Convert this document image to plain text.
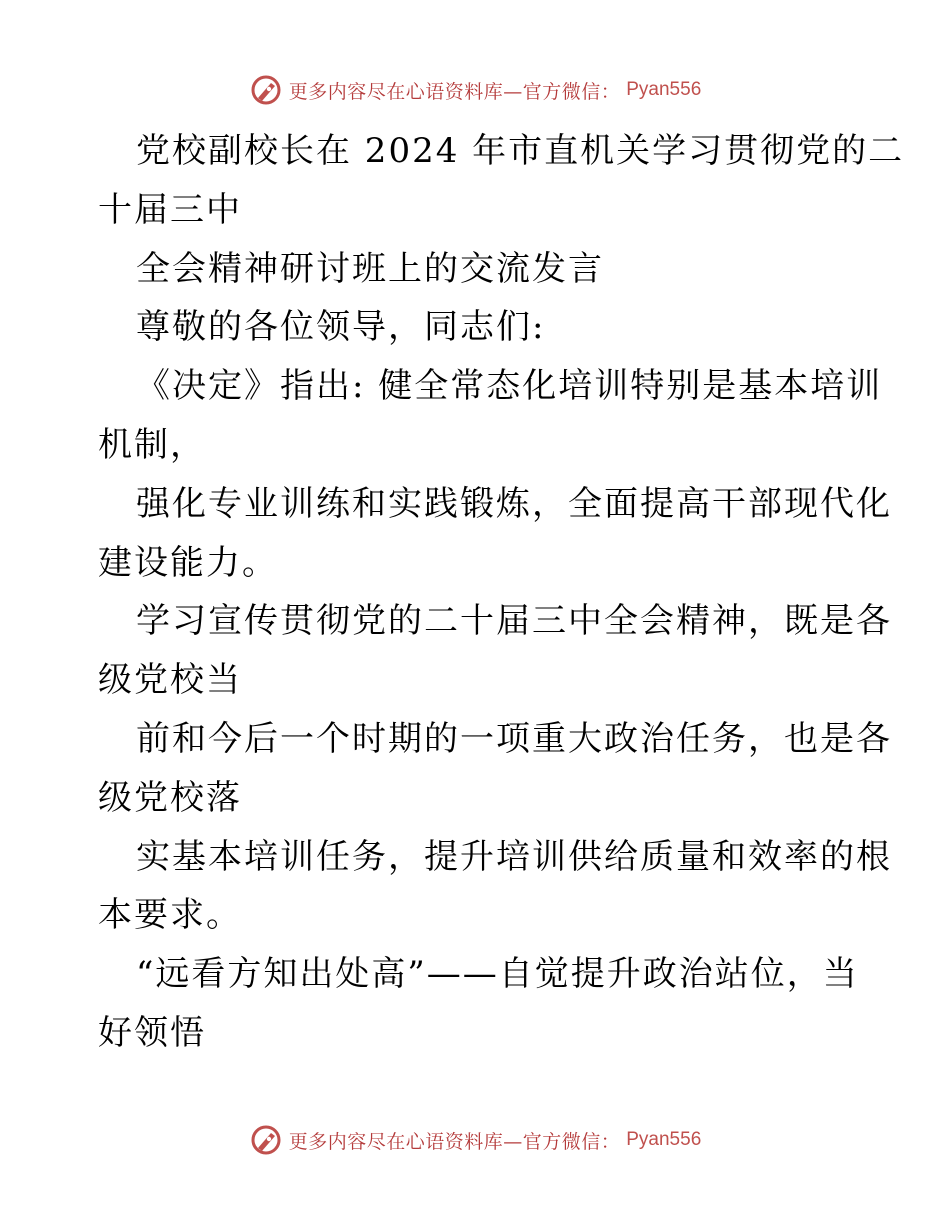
更多内容尽在心语资料库—官方微信： Pyan556
党校副校长在 2024 年市直机关学习贯彻党的二
十届三中
全会精神研讨班上的交流发言
尊敬的各位领导，同志们:
《决定》指出: 健全常态化培训特别是基本培训
机制，
强化专业训练和实践锻炼，全面提高干部现代化
建设能力。
学习宣传贯彻党的二十届三中全会精神，既是各
级党校当
前和今后一个时期的一项重大政治任务，也是各
级党校落
实基本培训任务，提升培训供给质量和效率的根
本要求。
“远看方知出处高”——自觉提升政治站位，当
好领悟
更多内容尽在心语资料库—官方微信： Pyan556
